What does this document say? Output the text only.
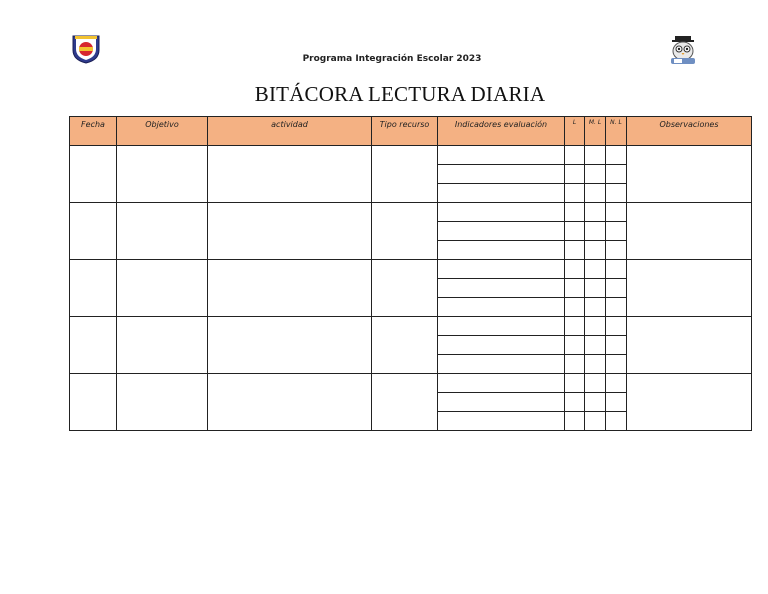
Programa Integración Escolar 2023
BITÁCORA LECTURA DIARIA
Fecha	Objetivo	actividad	Tipo recurso	Indicadores evaluación	L	M. L	N. L	Observaciones
